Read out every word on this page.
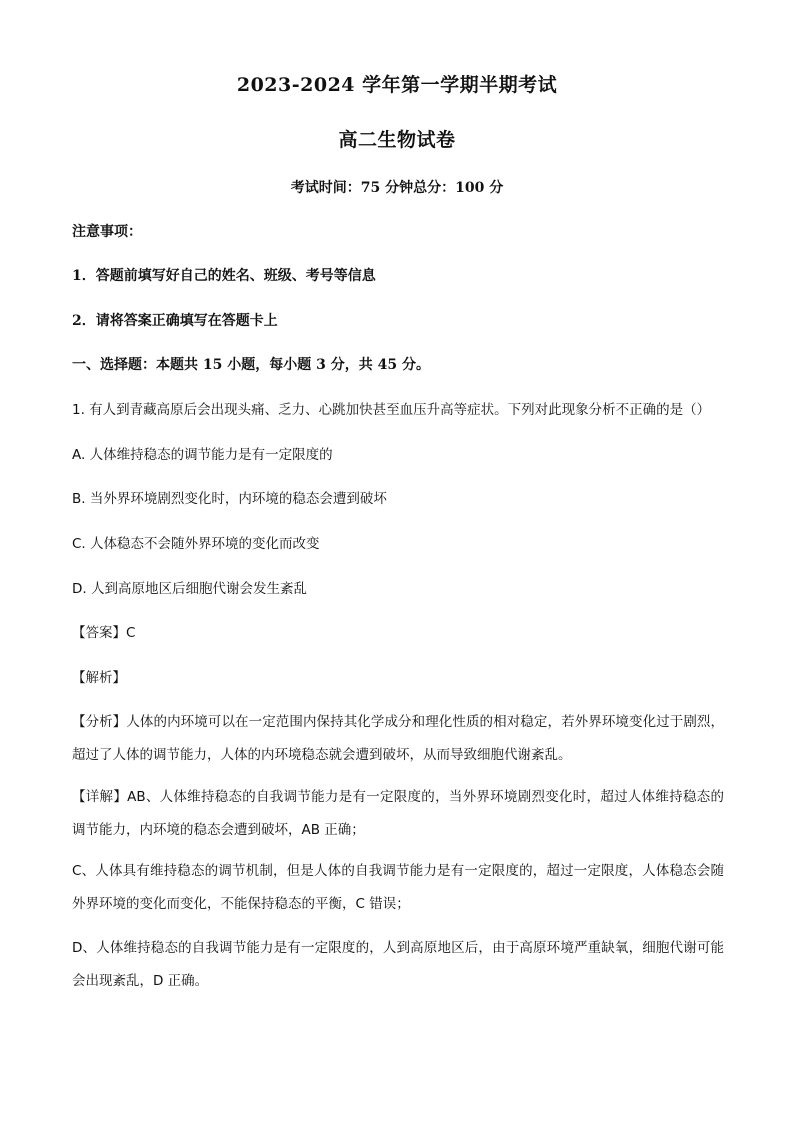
2023-2024 学年第一学期半期考试
高二生物试卷
考试时间：75 分钟总分：100 分
注意事项：
1．答题前填写好自己的姓名、班级、考号等信息
2．请将答案正确填写在答题卡上
一、选择题：本题共 15 小题，每小题 3 分，共 45 分。
1. 有人到青藏高原后会出现头痛、乏力、心跳加快甚至血压升高等症状。下列对此现象分析不正确的是（）
A. 人体维持稳态的调节能力是有一定限度的
B. 当外界环境剧烈变化时，内环境的稳态会遭到破坏
C. 人体稳态不会随外界环境的变化而改变
D. 人到高原地区后细胞代谢会发生紊乱
【答案】C
【解析】
【分析】人体的内环境可以在一定范围内保持其化学成分和理化性质的相对稳定，若外界环境变化过于剧烈，超过了人体的调节能力，人体的内环境稳态就会遭到破坏，从而导致细胞代谢紊乱。
【详解】AB、人体维持稳态的自我调节能力是有一定限度的，当外界环境剧烈变化时，超过人体维持稳态的调节能力，内环境的稳态会遭到破坏，AB 正确；
C、人体具有维持稳态的调节机制，但是人体的自我调节能力是有一定限度的，超过一定限度，人体稳态会随外界环境的变化而变化，不能保持稳态的平衡，C 错误；
D、人体维持稳态的自我调节能力是有一定限度的，人到高原地区后，由于高原环境严重缺氧，细胞代谢可能会出现紊乱，D 正确。
